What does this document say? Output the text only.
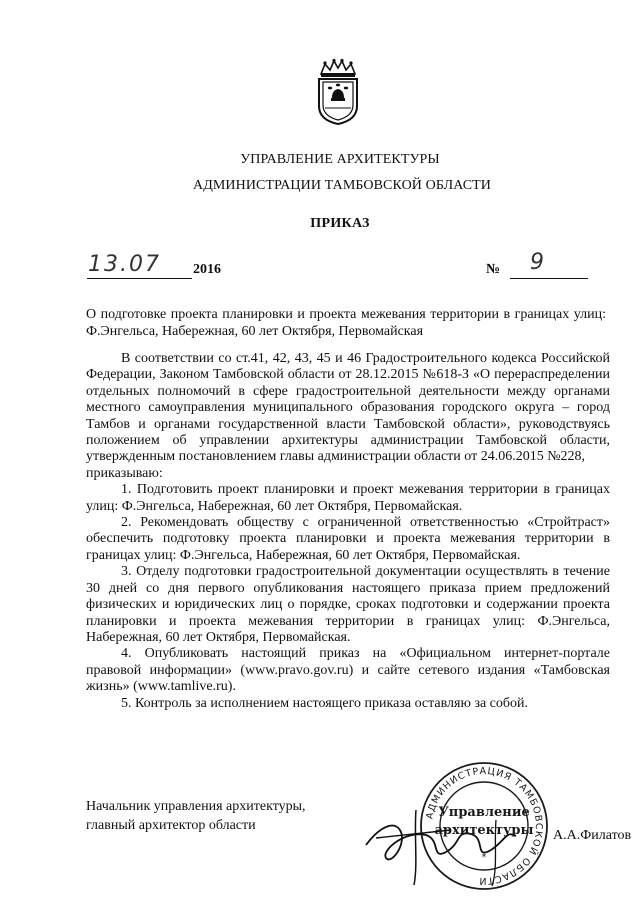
УПРАВЛЕНИЕ АРХИТЕКТУРЫ
АДМИНИСТРАЦИИ ТАМБОВСКОЙ ОБЛАСТИ
ПРИКАЗ
13.07 2016	№ 9
О подготовке проекта планировки и проекта межевания территории в границах улиц: Ф.Энгельса, Набережная, 60 лет Октября, Первомайская

В соответствии со ст.41, 42, 43, 45 и 46 Градостроительного кодекса Российской Федерации, Законом Тамбовской области от 28.12.2015 №618-З «О перераспределении отдельных полномочий в сфере градостроительной деятельности между органами местного самоуправления муниципального образования городского округа – город Тамбов и органами государственной власти Тамбовской области», руководствуясь положением об управлении архитектуры администрации Тамбовской области, утвержденным постановлением главы администрации области от 24.06.2015 №228,

приказываю:

1. Подготовить проект планировки и проект межевания территории в границах улиц: Ф.Энгельса, Набережная, 60 лет Октября, Первомайская.

2. Рекомендовать обществу с ограниченной ответственностью «Стройтраст» обеспечить подготовку проекта планировки и проекта межевания территории в границах улиц: Ф.Энгельса, Набережная, 60 лет Октября, Первомайская.

3. Отделу подготовки градостроительной документации осуществлять в течение 30 дней со дня первого опубликования настоящего приказа прием предложений физических и юридических лиц о порядке, сроках подготовки и содержании проекта планировки и проекта межевания территории в границах улиц: Ф.Энгельса, Набережная, 60 лет Октября, Первомайская.

4. Опубликовать настоящий приказ на «Официальном интернет-портале правовой информации» (www.pravo.gov.ru) и сайте сетевого издания «Тамбовская жизнь» (www.tamlive.ru).

5. Контроль за исполнением настоящего приказа оставляю за собой.

Начальник управления архитектуры,
главный архитектор области
АДМИНИСТРАЦИЯ ТАМБОВСКОЙ ОБЛАСТИ
Управление
архитектуры
*
А.А.Филатов
